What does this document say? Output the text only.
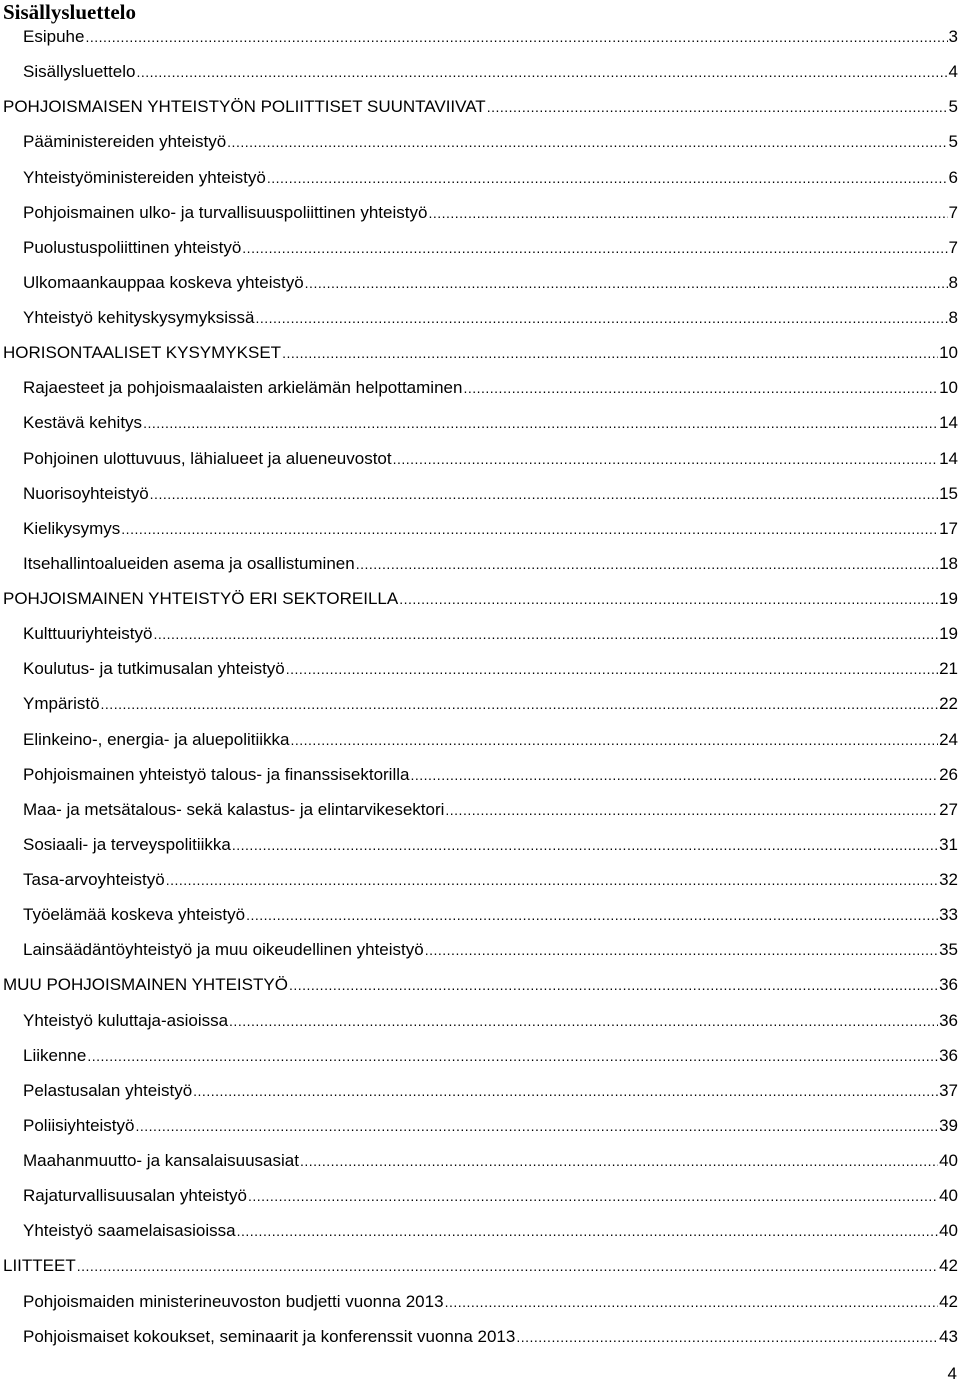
Sisällysluettelo
Esipuhe .....	3
Sisällysluettelo .....	4
POHJOISMAISEN YHTEISTYÖN POLIITTISET SUUNTAVIIVAT .....	5
Pääministereiden yhteistyö .....	5
Yhteistyöministereiden yhteistyö .....	6
Pohjoismainen ulko- ja turvallisuuspoliittinen yhteistyö .....	7
Puolustuspoliittinen yhteistyö .....	7
Ulkomaankauppaa koskeva yhteistyö .....	8
Yhteistyö kehityskysymyksissä .....	8
HORISONTAALISET KYSYMYKSET .....	10
Rajaesteet ja pohjoismaalaisten arkielämän helpottaminen .....	10
Kestävä kehitys .....	14
Pohjoinen ulottuvuus, lähialueet ja alueneuvostot .....	14
Nuorisoyhteistyö .....	15
Kielikysymys .....	17
Itsehallintoalueiden asema ja osallistuminen .....	18
POHJOISMAINEN YHTEISTYÖ ERI SEKTOREILLA .....	19
Kulttuuriyhteistyö .....	19
Koulutus- ja tutkimusalan yhteistyö .....	21
Ympäristö .....	22
Elinkeino-, energia- ja aluepolitiikka .....	24
Pohjoismainen yhteistyö talous- ja finanssisektorilla .....	26
Maa- ja metsätalous- sekä kalastus- ja elintarvikesektori .....	27
Sosiaali- ja terveyspolitiikka .....	31
Tasa-arvoyhteistyö .....	32
Työelämää koskeva yhteistyö .....	33
Lainsäädäntöyhteistyö ja muu oikeudellinen yhteistyö .....	35
MUU POHJOISMAINEN YHTEISTYÖ .....	36
Yhteistyö kuluttaja-asioissa .....	36
Liikenne .....	36
Pelastusalan yhteistyö .....	37
Poliisiyhteistyö .....	39
Maahanmuutto- ja kansalaisuusasiat .....	40
Rajaturvallisuusalan yhteistyö .....	40
Yhteistyö saamelaisasioissa .....	40
LIITTEET .....	42
Pohjoismaiden ministerineuvoston budjetti vuonna 2013 .....	42
Pohjoismaiset kokoukset, seminaarit ja konferenssit vuonna 2013 .....	43
4
